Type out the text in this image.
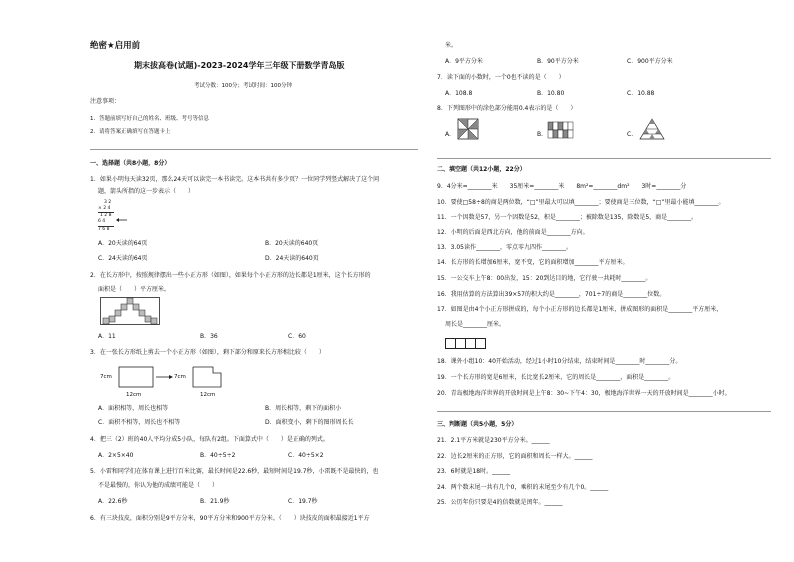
绝密★启用前
期末拔高卷(试题)-2023-2024学年三年级下册数学青岛版
考试分数：100分；考试时间：100分钟
注意事项：
1．答题前填写好自己的姓名、班级、考号等信息
2．请将答案正确填写在答题卡上
一、选择题（共8小题，8分）
1．如果小明每天读32页，那么24天可以读完一本书读完。这本书共有多少页？一位同学列竖式解决了这个问
题，箭头所指的这一步表示（　　）
3 2
× 2 4
1 2 8
6 4
7 6 8
A．20天读的64页	B．20天读的640页
C．24天读的64页	D．24天读的640页
2．在长方形中，按照规律摆出一些小正方形（如图），如果每个小正方形的边长都是1厘米，这个长方形的
面积是（　　）平方厘米。
A．11	B．36	C．60
3．在一张长方形纸上剪去一个小正方形（如图），剩下部分和原来长方形相比较（　　）
7cm	7cm
12cm	12cm
A．面积相等，周长也相等	B．周长相等，剩下的面积小
C．面积不相等，周长也不相等	D．面积变小，剩下的图形周长长
4．把三（2）班的40人平均分成5小队，每队有2组。下面算式中（　　）是正确的列式。
A．2×5×40	B．40÷5÷2	C．40÷5×2
5．小雷和同学们在体育课上进行百米比赛，最长时间是22.6秒，最短时间是19.7秒，小雷既不是最快的，也
不是最慢的，你认为他的成绩可能是（　　）
A．22.6秒	B．21.9秒	C．19.7秒
6．有三块技皮，面积分别是9平方分米，90平方分米和900平方分米。（　　）块技皮的面积最接近1平方
米。
A．9平方分米	B．90平方分米	C．900平方分米
7．读下面的小数时，一个0也不读的是（　　）
A．108.8	B．10.80	C．10.88
8．下列图形中的涂色部分能用0.4表示的是（　　）
A.	B.	C.
二、填空题（共12小题，22分）
9．4分米=________米　　35厘米=________米　　8m²=________dm²　　3时=________分
10．要使□58÷8的商是两位数，“□”里最大可以填________；要使商是三位数，“□”里最小能填________。
11．一个因数是57，另一个因数是52，积是________；被除数是135，除数是5，商是________。
12．小明的后面是西北方向，他的前面是________方向。
13．3.05读作________，零点零九四作________。
14．长方形的长增加6厘米，宽不变，它的面积增加________平方厘米。
15．一公交车上午8：00出发，15：20到达目的地，它行驶一共耗时________。
16．我用估算的方法算出39×57的积大约是________，701÷7的商是________位数。
17．如图是由4个小正方形拼成的，每个小正方形的边长都是1厘米，拼成图形的面积是________平方厘米，
周长是________厘米。
18．课外小组10：40开始活动，经过1小时10分结束，结束时间是________时________分。
19．一个长方形的宽是6厘米，长比宽长2厘米，它的周长是________，面积是________。
20．青岛极地海洋世界的开放时间是上午8：30~下午4：30，极地海洋世界一天的开放时间是________小时。
三、判断题（共5小题，5分）
21．2.1平方米就是230平方分米。______
22．边长2厘米的正方形，它的面积和周长一样大。______
23．6时就是18时。______
24．两个数末尾一共有几个0，乘积的末尾至少有几个0。______
25．公历年份只要是4的倍数就是闰年。______
